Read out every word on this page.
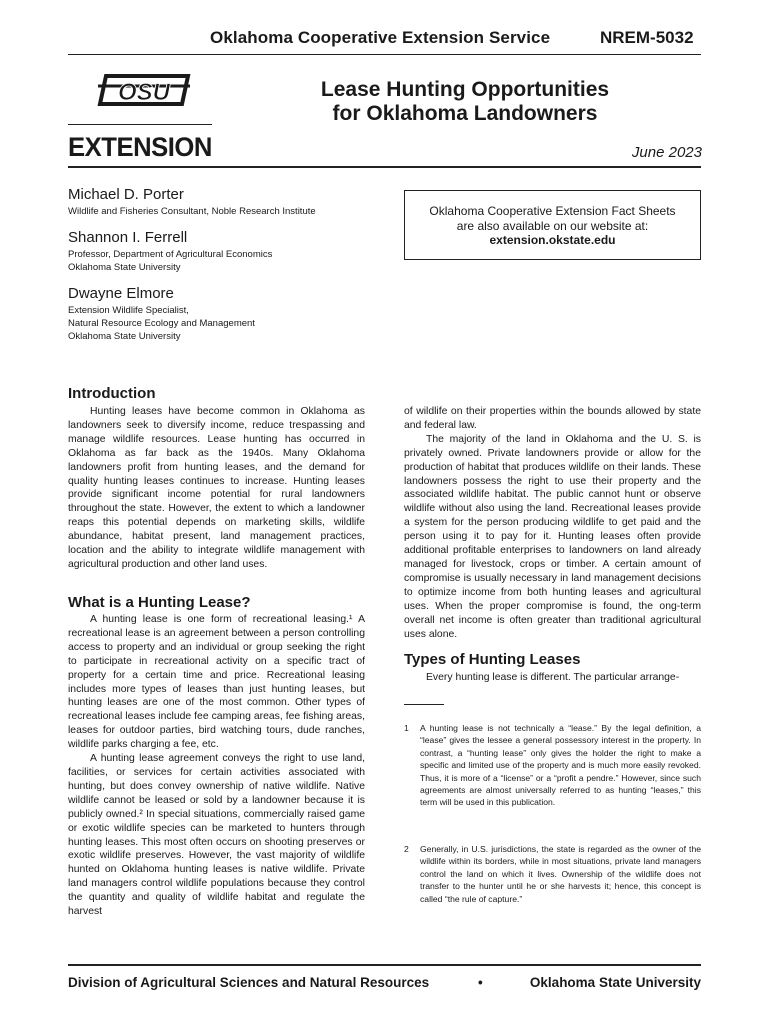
Oklahoma Cooperative Extension Service	NREM-5032
OSU
EXTENSION
Lease Hunting Opportunities
for Oklahoma Landowners
June 2023
Michael D. Porter
Wildlife and Fisheries Consultant, Noble Research Institute
Shannon I. Ferrell
Professor, Department of Agricultural Economics
Oklahoma State University
Dwayne Elmore
Extension Wildlife Specialist,
Natural Resource Ecology and Management
Oklahoma State University
Oklahoma Cooperative Extension Fact Sheets
are also available on our website at:
extension.okstate.edu
Introduction

Hunting leases have become common in Oklahoma as landowners seek to diversify income, reduce trespassing and manage wildlife resources. Lease hunting has occurred in Oklahoma as far back as the 1940s. Many Oklahoma landowners profit from hunting leases, and the demand for quality hunting leases continues to increase. Hunting leases provide significant income potential for rural landowners throughout the state. However, the extent to which a landowner reaps this potential depends on marketing skills, wildlife abundance, habitat present, land management practices, location and the ability to integrate wildlife management with agricultural production and other land uses.

What is a Hunting Lease?

A hunting lease is one form of recreational leasing.¹ A recreational lease is an agreement between a person controlling access to property and an individual or group seeking the right to participate in recreational activity on a specific tract of property for a certain time and price. Recreational leasing includes more types of leases than just hunting leases, but hunting leases are one of the most common. Other types of recreational leases include fee camping areas, fee fishing areas, leases for outdoor parties, bird watching tours, dude ranches, wildlife parks charging a fee, etc.

A hunting lease agreement conveys the right to use land, facilities, or services for certain activities associated with hunting, but does convey ownership of native wildlife. Native wildlife cannot be leased or sold by a landowner because it is publicly owned.² In special situations, commercially raised game or exotic wildlife species can be marketed to hunters through hunting leases. This most often occurs on shooting preserves or exotic wildlife preserves. However, the vast majority of wildlife hunted on Oklahoma hunting leases is native wildlife. Private land managers control wildlife populations because they control the quantity and quality of wildlife habitat and regulate the harvest

of wildlife on their properties within the bounds allowed by state and federal law.

The majority of the land in Oklahoma and the U. S. is privately owned. Private landowners provide or allow for the production of habitat that produces wildlife on their lands. These landowners possess the right to use their property and the associated wildlife habitat. The public cannot hunt or observe wildlife without also using the land. Recreational leases provide a system for the person producing wildlife to get paid and the person using it to pay for it. Hunting leases often provide additional profitable enterprises to landowners on land already managed for livestock, crops or timber. A certain amount of compromise is usually necessary in land management decisions to optimize income from both hunting leases and agricultural uses. When the proper compromise is found, the ong-term overall net income is often greater than traditional agricultural uses alone.

Types of Hunting Leases

Every hunting lease is different. The particular arrange-

1 A hunting lease is not technically a “lease.” By the legal definition, a “lease” gives the lessee a general possessory interest in the property. In contrast, a “hunting lease” only gives the holder the right to make a specific and limited use of the property and is much more easily revoked. Thus, it is more of a “license” or a “profit a pendre.” However, since such agreements are almost universally referred to as hunting “leases,” this term will be used in this publication.
2 Generally, in U.S. jurisdictions, the state is regarded as the owner of the wildlife within its borders, while in most situations, private land managers control the land on which it lives. Ownership of the wildlife does not transfer to the hunter until he or she harvests it; hence, this concept is called “the rule of capture.”
Division of Agricultural Sciences and Natural Resources	•	Oklahoma State University
